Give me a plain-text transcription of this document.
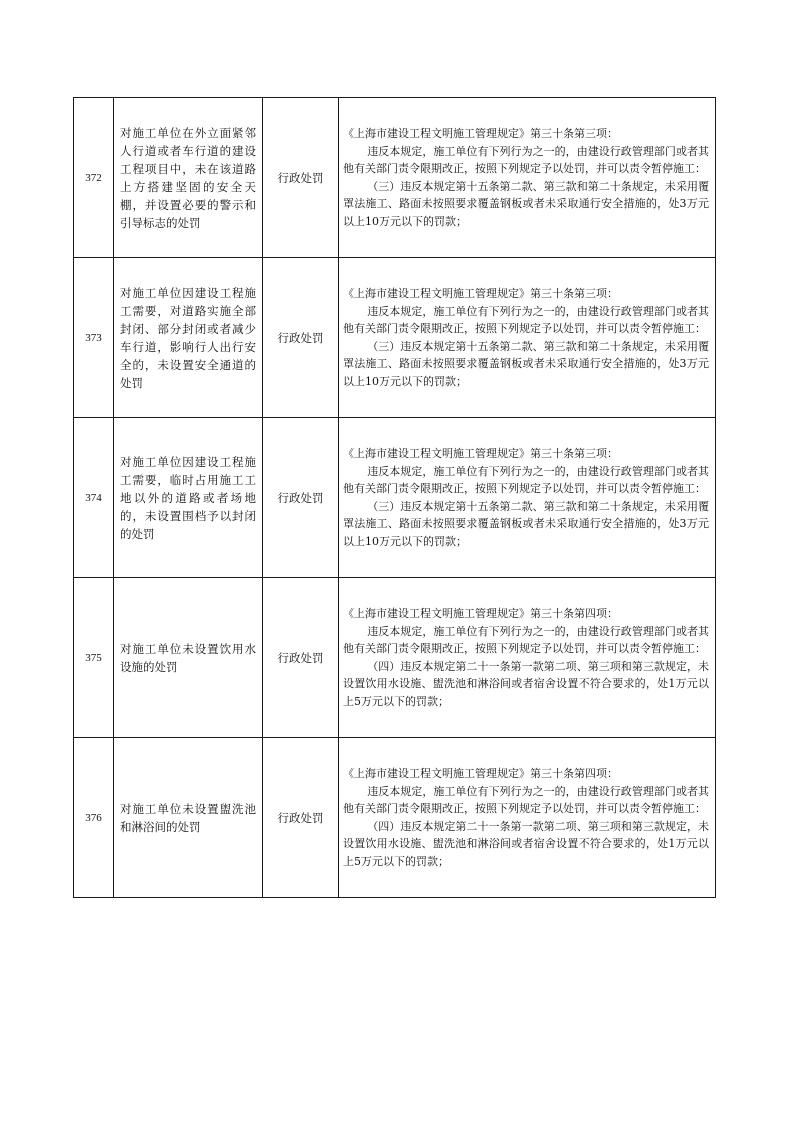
372	对施工单位在外立面紧邻人行道或者车行道的建设工程项目中，未在该道路上方搭建坚固的安全天棚，并设置必要的警示和引导标志的处罚	行政处罚	《上海市建设工程文明施工管理规定》第三十条第三项：
违反本规定，施工单位有下列行为之一的，由建设行政管理部门或者其他有关部门责令限期改正，按照下列规定予以处罚，并可以责令暂停施工：
（三）违反本规定第十五条第二款、第三款和第二十条规定，未采用覆罩法施工、路面未按照要求覆盖钢板或者未采取通行安全措施的，处3万元以上10万元以下的罚款；

373	对施工单位因建设工程施工需要，对道路实施全部封闭、部分封闭或者减少车行道，影响行人出行安全的，未设置安全通道的处罚	行政处罚	《上海市建设工程文明施工管理规定》第三十条第三项：
违反本规定，施工单位有下列行为之一的，由建设行政管理部门或者其他有关部门责令限期改正，按照下列规定予以处罚，并可以责令暂停施工：
（三）违反本规定第十五条第二款、第三款和第二十条规定，未采用覆罩法施工、路面未按照要求覆盖钢板或者未采取通行安全措施的，处3万元以上10万元以下的罚款；

374	对施工单位因建设工程施工需要，临时占用施工工地以外的道路或者场地的，未设置围档予以封闭的处罚	行政处罚	《上海市建设工程文明施工管理规定》第三十条第三项：
违反本规定，施工单位有下列行为之一的，由建设行政管理部门或者其他有关部门责令限期改正，按照下列规定予以处罚，并可以责令暂停施工：
（三）违反本规定第十五条第二款、第三款和第二十条规定，未采用覆罩法施工、路面未按照要求覆盖钢板或者未采取通行安全措施的，处3万元以上10万元以下的罚款；

375	对施工单位未设置饮用水设施的处罚	行政处罚	《上海市建设工程文明施工管理规定》第三十条第四项：
违反本规定，施工单位有下列行为之一的，由建设行政管理部门或者其他有关部门责令限期改正，按照下列规定予以处罚，并可以责令暂停施工：
（四）违反本规定第二十一条第一款第二项、第三项和第三款规定，未设置饮用水设施、盥洗池和淋浴间或者宿舍设置不符合要求的，处1万元以上5万元以下的罚款；

376	对施工单位未设置盥洗池和淋浴间的处罚	行政处罚	《上海市建设工程文明施工管理规定》第三十条第四项：
违反本规定，施工单位有下列行为之一的，由建设行政管理部门或者其他有关部门责令限期改正，按照下列规定予以处罚，并可以责令暂停施工：
（四）违反本规定第二十一条第一款第二项、第三项和第三款规定，未设置饮用水设施、盥洗池和淋浴间或者宿舍设置不符合要求的，处1万元以上5万元以下的罚款；
